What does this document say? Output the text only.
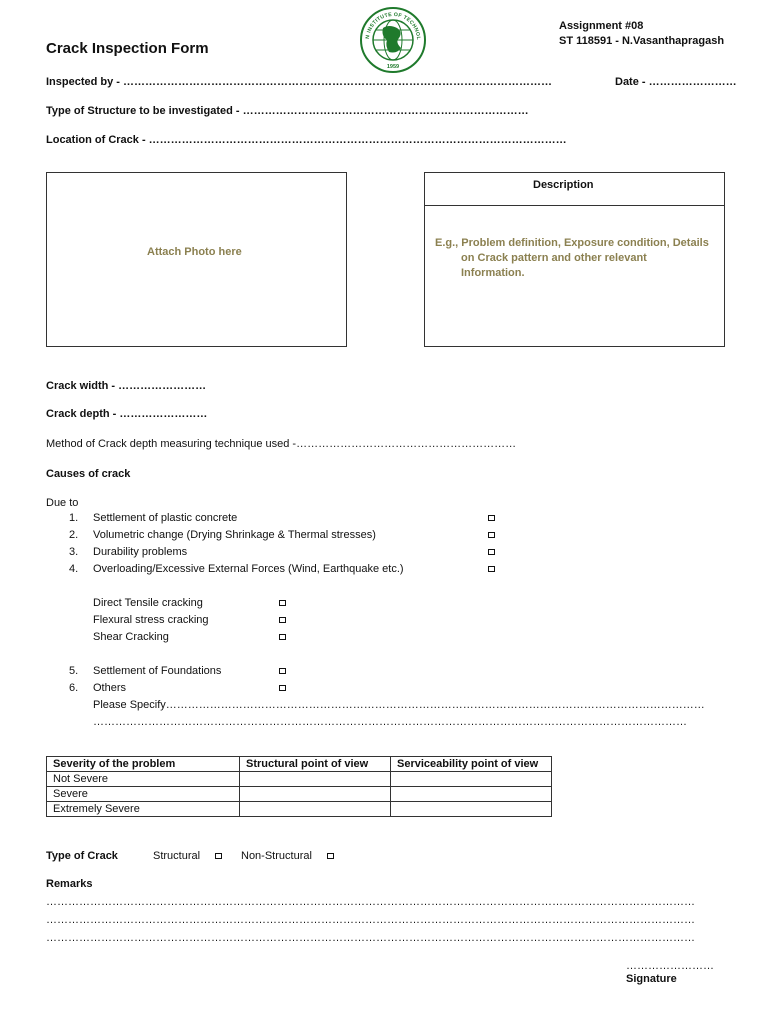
Crack Inspection Form
N INSTITUTE OF TECHNOL
1959
Assignment #08
ST 118591 - N.Vasanthapragash
Inspected by - ………………………………………………………………………………………………………	Date - ……………………
Type of Structure to be investigated - ……………………………………………………………………
Location of Crack - ……………………………………………………………………………………………………
Attach Photo here
Description
E.g., Problem definition, Exposure condition, Details
on Crack pattern and other relevant
Information.
Crack width - ……………………
Crack depth - ……………………
Method of Crack depth measuring technique used -……………………………………………………
Causes of crack
Due to
1. Settlement of plastic concrete
2. Volumetric change (Drying Shrinkage & Thermal stresses)
3. Durability problems
4. Overloading/Excessive External Forces (Wind, Earthquake etc.)
Direct Tensile cracking
Flexural stress cracking
Shear Cracking
5. Settlement of Foundations
6. Others
Please Specify…………………………………………………………………………………………………………………………………
………………………………………………………………………………………………………………………………………………
Severity of the problem	Structural point of view	Serviceability point of view
Not Severe		
Severe		
Extremely Severe		
Type of Crack	Structural	Non-Structural
Remarks
……………………………………………………………………………………………………………………………………………………………
……………………………………………………………………………………………………………………………………………………………
……………………………………………………………………………………………………………………………………………………………
……………………
Signature
